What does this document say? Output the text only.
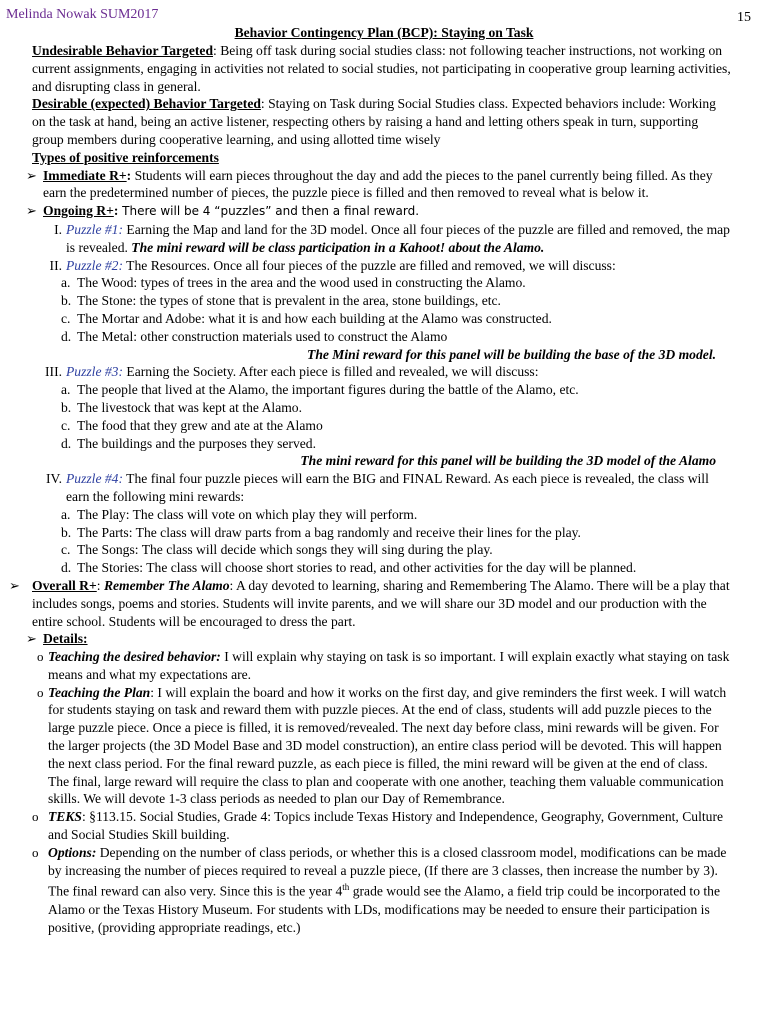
Melinda Nowak SUM2017	15
Behavior Contingency Plan (BCP): Staying on Task

Undesirable Behavior Targeted: Being off task during social studies class: not following teacher instructions, not working on current assignments, engaging in activities not related to social studies, not participating in cooperative group learning activities, and disrupting class in general.

Desirable (expected) Behavior Targeted: Staying on Task during Social Studies class. Expected behaviors include: Working on the task at hand, being an active listener, respecting others by raising a hand and letting others speak in turn, supporting group members during cooperative learning, and using allotted time wisely

Types of positive reinforcements

➢ Immediate R+: Students will earn pieces throughout the day and add the pieces to the panel currently being filled. As they earn the predetermined number of pieces, the puzzle piece is filled and then removed to reveal what is below it.
➢ Ongoing R+: There will be 4 “puzzles” and then a final reward.
I. Puzzle #1: Earning the Map and land for the 3D model. Once all four pieces of the puzzle are filled and removed, the map is revealed. The mini reward will be class participation in a Kahoot! about the Alamo.
II. Puzzle #2: The Resources. Once all four pieces of the puzzle are filled and removed, we will discuss:
a. The Wood: types of trees in the area and the wood used in constructing the Alamo.
b. The Stone: the types of stone that is prevalent in the area, stone buildings, etc.
c. The Mortar and Adobe: what it is and how each building at the Alamo was constructed.
d. The Metal: other construction materials used to construct the Alamo

The Mini reward for this panel will be building the base of the 3D model.

III. Puzzle #3: Earning the Society. After each piece is filled and revealed, we will discuss:
a. The people that lived at the Alamo, the important figures during the battle of the Alamo, etc.
b. The livestock that was kept at the Alamo.
c. The food that they grew and ate at the Alamo
d. The buildings and the purposes they served.

The mini reward for this panel will be building the 3D model of the Alamo

IV. Puzzle #4: The final four puzzle pieces will earn the BIG and FINAL Reward. As each piece is revealed, the class will earn the following mini rewards:
a. The Play: The class will vote on which play they will perform.
b. The Parts: The class will draw parts from a bag randomly and receive their lines for the play.
c. The Songs: The class will decide which songs they will sing during the play.
d. The Stories: The class will choose short stories to read, and other activities for the day will be planned.
➢ Overall R+: Remember The Alamo: A day devoted to learning, sharing and Remembering The Alamo. There will be a play that includes songs, poems and stories. Students will invite parents, and we will share our 3D model and our production with the entire school. Students will be encouraged to dress the part.
➢ Details:
o Teaching the desired behavior: I will explain why staying on task is so important. I will explain exactly what staying on task means and what my expectations are.
o Teaching the Plan: I will explain the board and how it works on the first day, and give reminders the first week. I will watch for students staying on task and reward them with puzzle pieces. At the end of class, students will add puzzle pieces to the large puzzle piece. Once a piece is filled, it is removed/revealed. The next day before class, mini rewards will be given. For the larger projects (the 3D Model Base and 3D model construction), an entire class period will be devoted. This will happen the next class period. For the final reward puzzle, as each piece is filled, the mini reward will be given at the end of class. The final, large reward will require the class to plan and cooperate with one another, teaching them valuable communication skills. We will devote 1-3 class periods as needed to plan our Day of Remembrance.
o TEKS: §113.15. Social Studies, Grade 4: Topics include Texas History and Independence, Geography, Government, Culture and Social Studies Skill building.
o Options: Depending on the number of class periods, or whether this is a closed classroom model, modifications can be made by increasing the number of pieces required to reveal a puzzle piece, (If there are 3 classes, then increase the number by 3). The final reward can also very. Since this is the year 4th grade would see the Alamo, a field trip could be incorporated to the Alamo or the Texas History Museum. For students with LDs, modifications may be needed to ensure their participation is positive, (providing appropriate readings, etc.)
